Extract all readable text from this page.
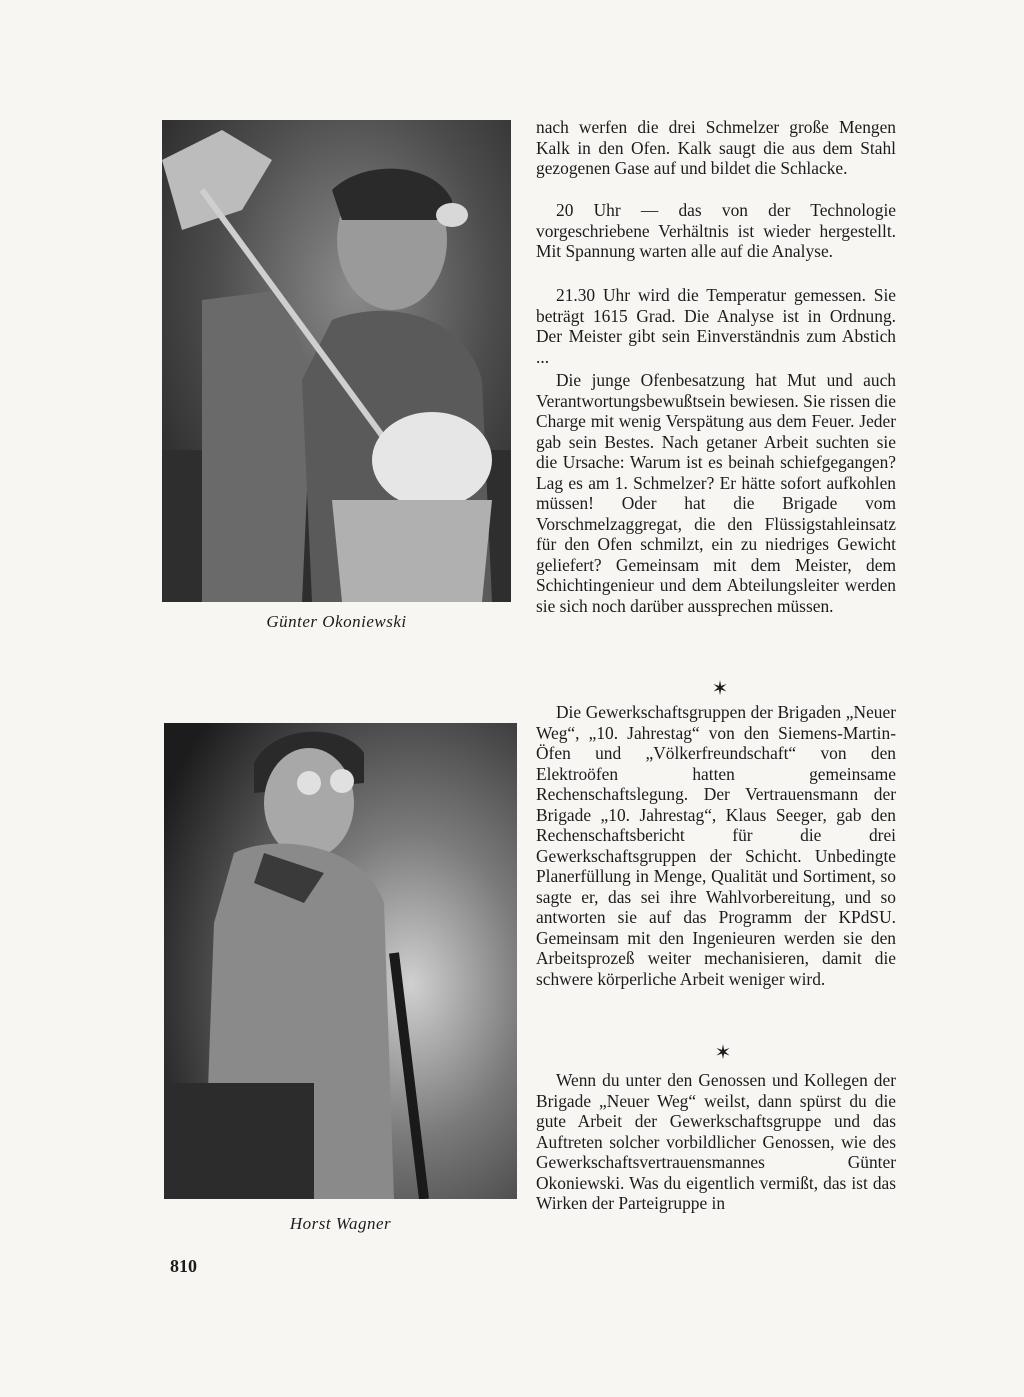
Günter Okoniewski
Horst Wagner

nach werfen die drei Schmelzer große Mengen Kalk in den Ofen. Kalk saugt die aus dem Stahl gezogenen Gase auf und bildet die Schlacke.

20 Uhr — das von der Technologie vorgeschriebene Verhältnis ist wieder hergestellt. Mit Spannung warten alle auf die Analyse.

21.30 Uhr wird die Temperatur gemessen. Sie beträgt 1615 Grad. Die Analyse ist in Ordnung. Der Meister gibt sein Einverständnis zum Abstich ...

Die junge Ofenbesatzung hat Mut und auch Verantwortungsbewußtsein bewiesen. Sie rissen die Charge mit wenig Verspätung aus dem Feuer. Jeder gab sein Bestes. Nach getaner Arbeit suchten sie die Ursache: Warum ist es beinah schiefgegangen? Lag es am 1. Schmelzer? Er hätte sofort aufkohlen müssen! Oder hat die Brigade vom Vorschmelzaggregat, die den Flüssigstahleinsatz für den Ofen schmilzt, ein zu niedriges Gewicht geliefert? Gemeinsam mit dem Meister, dem Schichtingenieur und dem Abteilungsleiter werden sie sich noch darüber aussprechen müssen.

✶

Die Gewerkschaftsgruppen der Brigaden „Neuer Weg“, „10. Jahrestag“ von den Siemens-Martin-Öfen und „Völkerfreundschaft“ von den Elektroöfen hatten gemeinsame Rechenschaftslegung. Der Vertrauensmann der Brigade „10. Jahrestag“, Klaus Seeger, gab den Rechenschaftsbericht für die drei Gewerkschaftsgruppen der Schicht. Unbedingte Planerfüllung in Menge, Qualität und Sortiment, so sagte er, das sei ihre Wahlvorbereitung, und so antworten sie auf das Programm der KPdSU. Gemeinsam mit den Ingenieuren werden sie den Arbeitsprozeß weiter mechanisieren, damit die schwere körperliche Arbeit weniger wird.

✶

Wenn du unter den Genossen und Kollegen der Brigade „Neuer Weg“ weilst, dann spürst du die gute Arbeit der Gewerkschaftsgruppe und das Auftreten solcher vorbildlicher Genossen, wie des Gewerkschaftsvertrauensmannes Günter Okoniewski. Was du eigentlich vermißt, das ist das Wirken der Parteigruppe in

810
